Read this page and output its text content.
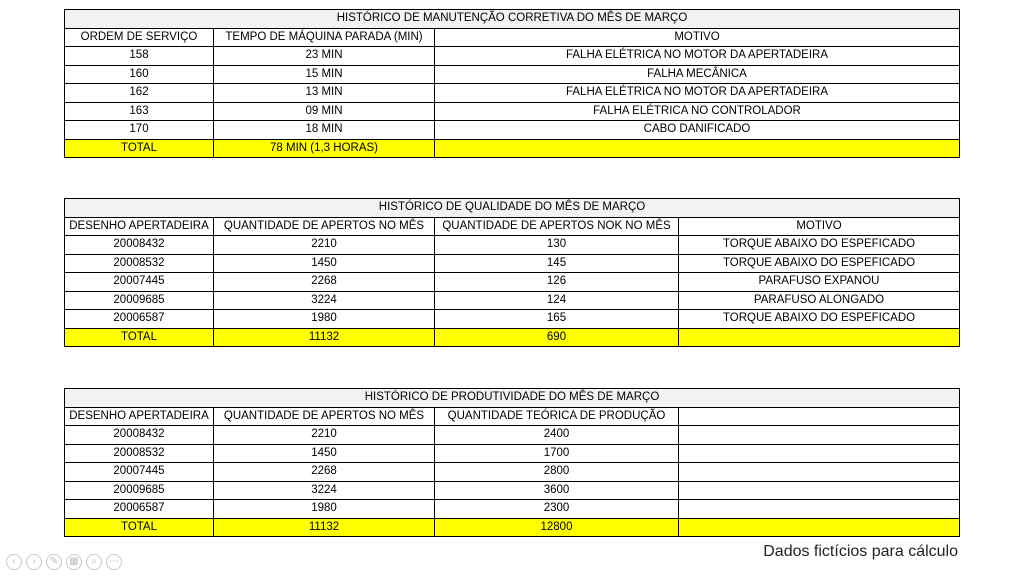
HISTÓRICO DE MANUTENÇÃO CORRETIVA DO MÊS DE MARÇO		
ORDEM DE SERVIÇO	TEMPO DE MÁQUINA PARADA (MIN)	MOTIVO
158	23 MIN	FALHA ELÉTRICA NO MOTOR DA APERTADEIRA
160	15 MIN	FALHA MECÂNICA
162	13 MIN	FALHA ELÉTRICA NO MOTOR DA APERTADEIRA
163	09 MIN	FALHA ELÉTRICA NO CONTROLADOR
170	18 MIN	CABO DANIFICADO
TOTAL	78 MIN (1,3 HORAS)	
HISTÓRICO DE QUALIDADE DO MÊS DE MARÇO			
DESENHO APERTADEIRA	QUANTIDADE DE APERTOS NO MÊS	QUANTIDADE DE APERTOS NOK NO MÊS	MOTIVO
20008432	2210	130	TORQUE ABAIXO DO ESPEFICADO
20008532	1450	145	TORQUE ABAIXO DO ESPEFICADO
20007445	2268	126	PARAFUSO EXPANOU
20009685	3224	124	PARAFUSO ALONGADO
20006587	1980	165	TORQUE ABAIXO DO ESPEFICADO
TOTAL	11132	690	
HISTÓRICO DE PRODUTIVIDADE DO MÊS DE MARÇO			
DESENHO APERTADEIRA	QUANTIDADE DE APERTOS NO MÊS	QUANTIDADE TEÓRICA DE PRODUÇÃO	
20008432	2210	2400	
20008532	1450	1700	
20007445	2268	2800	
20009685	3224	3600	
20006587	1980	2300	
TOTAL	11132	12800	
Dados fictícios para cálculo
‹	›	✎	▦	⌕	⋯
